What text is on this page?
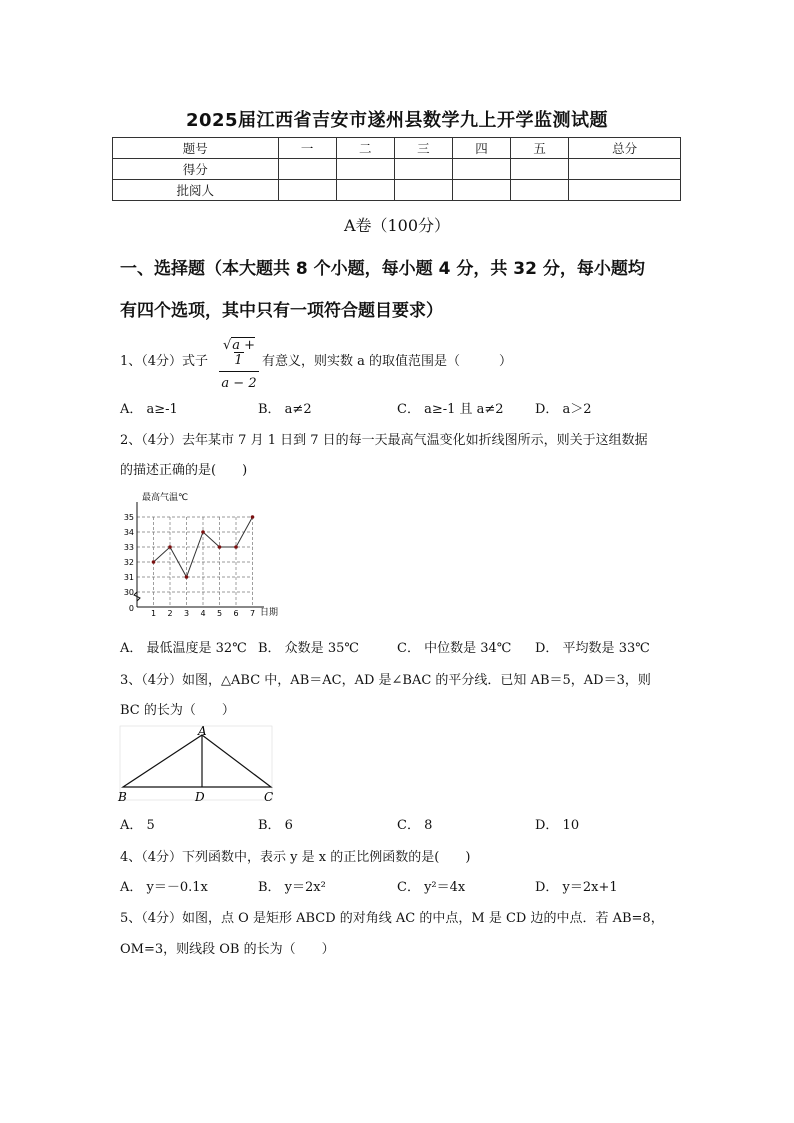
2025届江西省吉安市遂州县数学九上开学监测试题
题号	一	二	三	四	五	总分
得分						
批阅人						
A卷（100分）
一、选择题（本大题共 8 个小题，每小题 4 分，共 32 分，每小题均
有四个选项，其中只有一项符合题目要求）
1、（4分）式子 $\frac{√a + 1}{a - 2}$ 有意义，则实数 a 的取值范围是（　　　）
A． a≥-1	B． a≠2	C． a≥-1 且 a≠2 D． a＞2
2、（4分）去年某市 7 月 1 日到 7 日的每一天最高气温变化如折线图所示，则关于这组数据
的描述正确的是(　　)
最高气温℃
日期
0
30
31
32
33
34
35
1 2 3 4 5 6 7
A． 最低温度是 32℃ B． 众数是 35℃	C． 中位数是 34℃ D． 平均数是 33℃
3、（4分）如图，△ABC 中，AB＝AC，AD 是∠BAC 的平分线．已知 AB＝5，AD＝3，则
BC 的长为（　　）
A
B	D	C
A． 5	B． 6	C． 8	D． 10
4、（4分）下列函数中，表示 y 是 x 的正比例函数的是(　　)
A． y＝－0.1x	B． y＝2x²	C． y²＝4x	D． y＝2x+1
5、（4分）如图，点 O 是矩形 ABCD 的对角线 AC 的中点，M 是 CD 边的中点．若 AB=8，
OM=3，则线段 OB 的长为（　　）
